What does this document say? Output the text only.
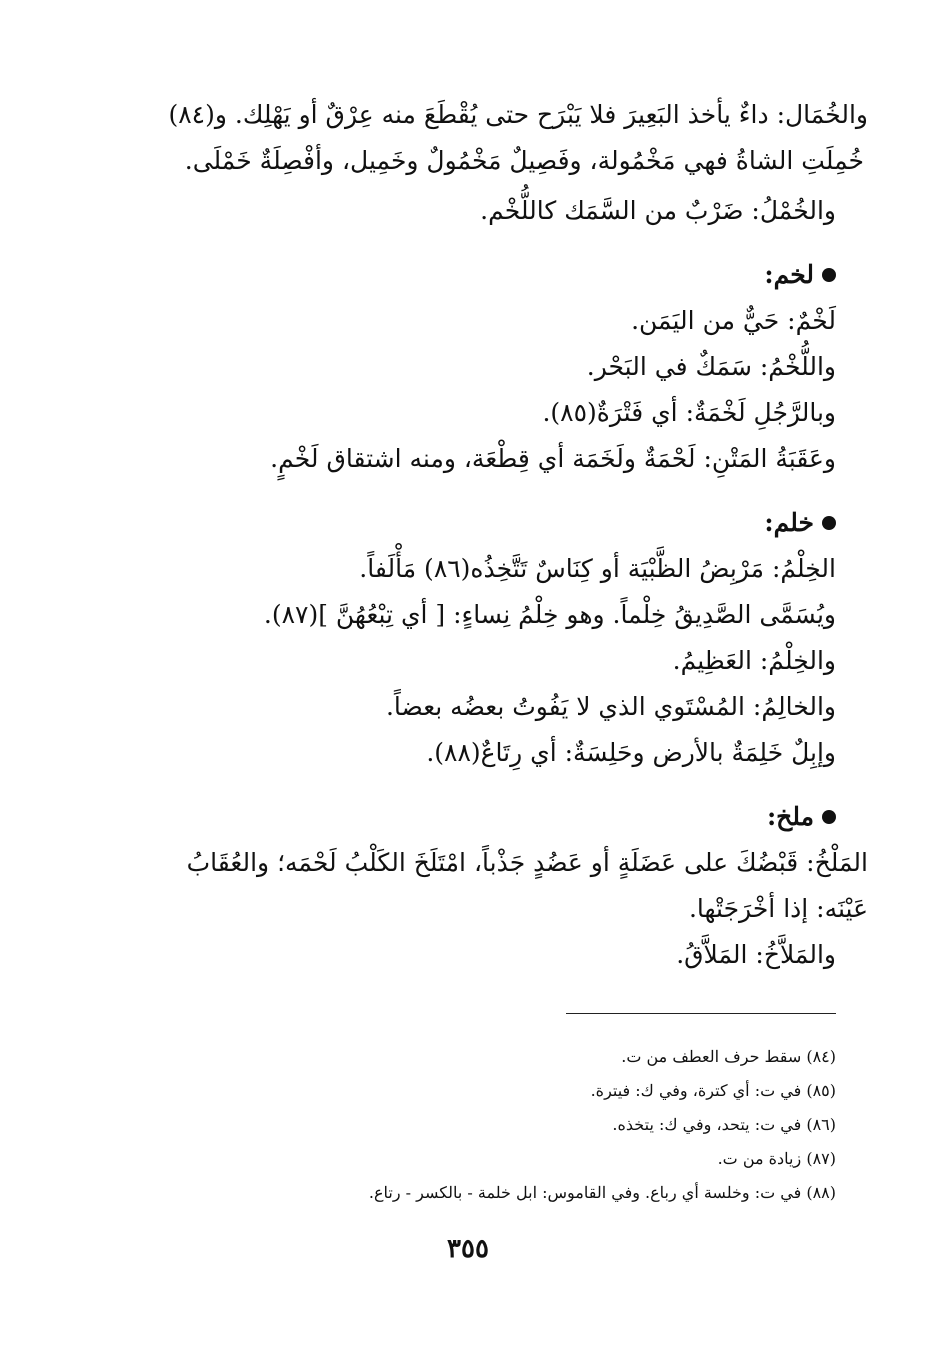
والخُمَال: داءٌ يأخذ البَعِيرَ فلا يَبْرَح حتى يُقْطَعَ منه عِرْقٌ أو يَهْلِك. و(٨٤)
خُمِلَتِ الشاةُ فهي مَخْمُولة، وفَصِيلٌ مَخْمُولٌ وخَمِيل، وأفْصِلَةٌ خَمْلَى.
والخُمْلُ: ضَرْبٌ من السَّمَك كاللُّخْم.
لخم:
لَخْمٌ: حَيٌّ من اليَمَن.
واللُّخْمُ: سَمَكٌ في البَحْر.
وبالرَّجُلِ لَخْمَةٌ: أي فَتْرَةٌ(٨٥).
وعَقَبَةُ المَتْنِ: لَحْمَةٌ ولَخَمَة أي قِطْعَة، ومنه اشتقاق لَخْمٍ.
خلم:
الخِلْمُ: مَرْبِضُ الظَّبْيَة أو كِنَاسٌ تَتَّخِذُه(٨٦) مَأْلَفاً.
ويُسَمَّى الصَّدِيقُ خِلْماً. وهو خِلْمُ نِساءٍ: [ أي تِبْعُهُنَّ ](٨٧).
والخِلْمُ: العَظِيمُ.
والخالِمُ: المُسْتَوي الذي لا يَفُوتُ بعضُه بعضاً.
وإبِلٌ خَلِمَةٌ بالأرض وحَلِسَةٌ: أي رِتَاعٌ(٨٨).
ملخ:
المَلْخُ: قَبْضُكَ على عَضَلَةٍ أو عَضُدٍ جَذْباً، امْتَلَخَ الكَلْبُ لَحْمَه؛ والعُقَابُ
عَيْنَه: إذا أخْرَجَتْها.
والمَلاَّخُ: المَلاَّقُ.
(٨٤) سقط حرف العطف من ت.
(٨٥) في ت: أي كترة، وفي ك: فيترة.
(٨٦) في ت: يتحد، وفي ك: يتخذه.
(٨٧) زيادة من ت.
(٨٨) في ت: وخلسة أي رباع. وفي القاموس: ابل خلمة - بالكسر - رتاع.
٣٥٥
